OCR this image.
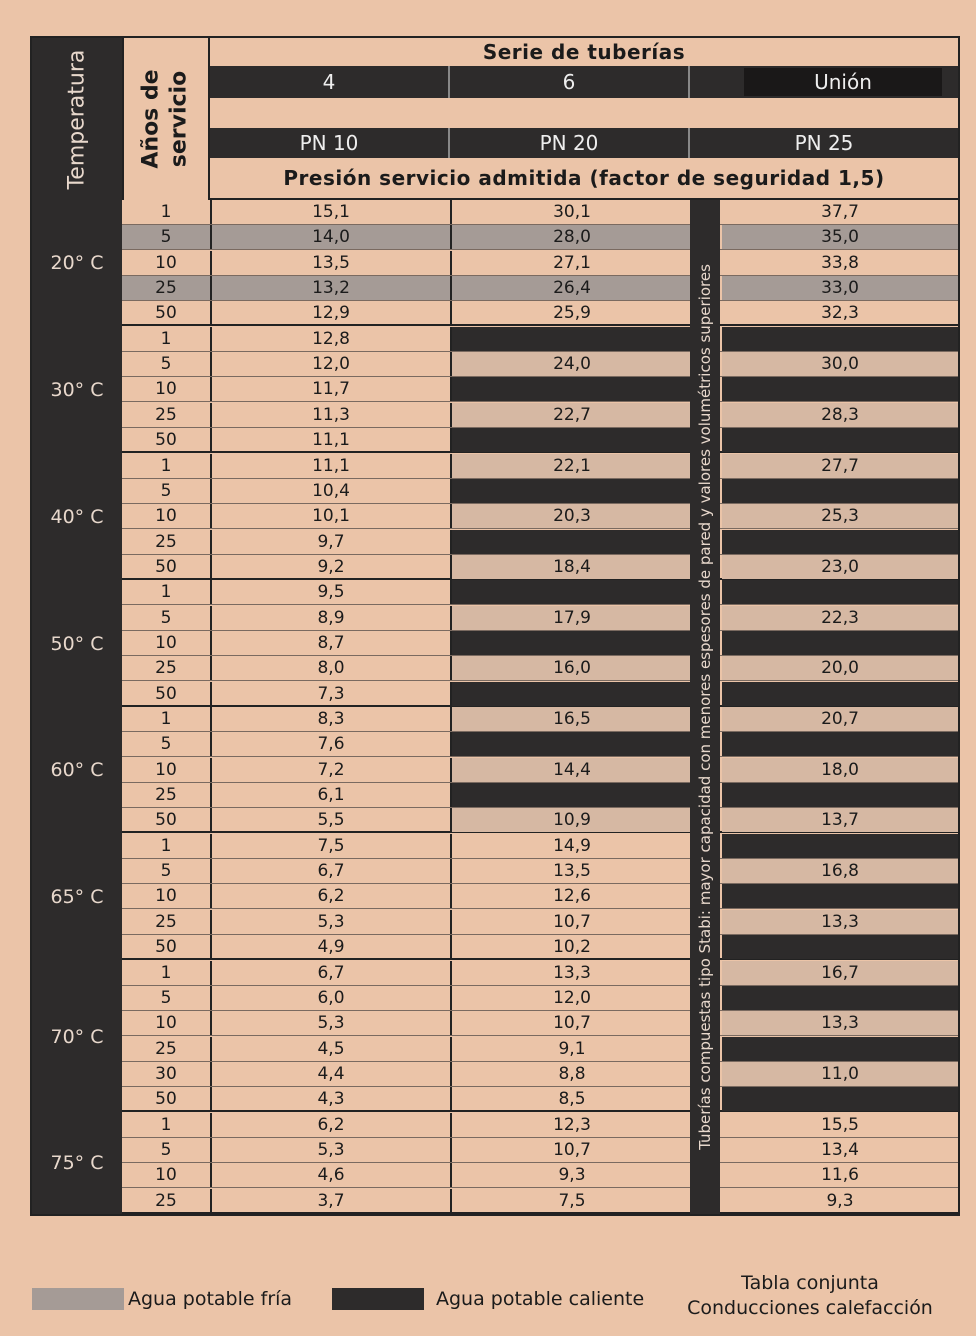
Temperatura Años de
servicio
Serie de tuberías
4	6	Unión
PN 10	PN 20	PN 25
Presión servicio admitida (factor de seguridad 1,5)
20° C
1	15,1	30,1	37,7
5	14,0	28,0	35,0
10	13,5	27,1	33,8
25	13,2	26,4	33,0
50	12,9	25,9	32,3
30° C
1	12,8
5	12,0	24,0	30,0
10	11,7
25	11,3	22,7	28,3
50	11,1
40° C
1	11,1	22,1	27,7
5	10,4
10	10,1	20,3	25,3
25	9,7
50	9,2	18,4	23,0
50° C
1	9,5
5	8,9	17,9	22,3
10	8,7
25	8,0	16,0	20,0
50	7,3
60° C
1	8,3	16,5	20,7
5	7,6
10	7,2	14,4	18,0
25	6,1
50	5,5	10,9	13,7
65° C
1	7,5	14,9
5	6,7	13,5	16,8
10	6,2	12,6
25	5,3	10,7	13,3
50	4,9	10,2
70° C
1	6,7	13,3	16,7
5	6,0	12,0
10	5,3	10,7	13,3
25	4,5	9,1
30	4,4	8,8	11,0
50	4,3	8,5
75° C
1	6,2	12,3	15,5
5	5,3	10,7	13,4
10	4,6	9,3	11,6
25	3,7	7,5	9,3
Tuberías compuestas tipo Stabi: mayor capacidad con menores espesores de pared y valores volumétricos superiores
Agua potable fría	Agua potable caliente
Tabla conjunta
Conducciones calefacción
